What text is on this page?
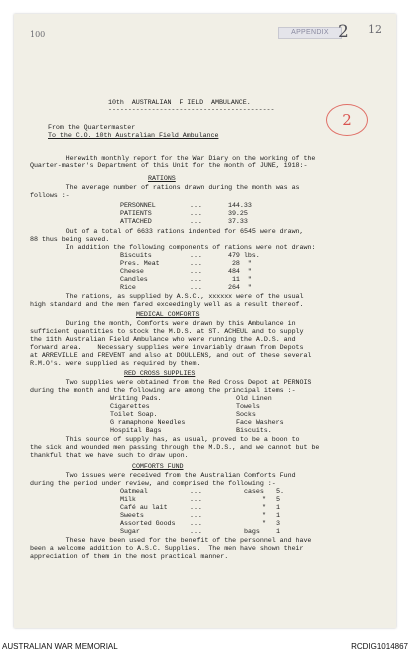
100	APPENDIX 2 12
2
10th  AUSTRALIAN  F IELD  AMBULANCE.
------------------------------------------
From the Quartermaster
To the C.O. 10th Australian Field Ambulance
Herewith monthly report for the War Diary on the working of the
Quarter-master's Department of this Unit for the month of JUNE, 1918:-
RATIONS
The average number of rations drawn during the month was as
follows :-
PERSONNEL	...	144.33
PATIENTS	...	39.25
ATTACHED	...	37.33
Out of a total of 6633 rations indented for 6545 were drawn,
88 thus being saved.
In addition the following components of rations were not drawn:
Biscuits	...	479 lbs.
Pres. Meat	...	28  "
Cheese	...	484  "
Candles	...	11  "
Rice	...	264  "
The rations, as supplied by A.S.C., xxxxxx were of the usual
high standard and the men fared exceedingly well as a result thereof.
MEDICAL COMFORTS
During the month, Comforts were drawn by this Ambulance in
sufficient quantities to stock the M.D.S. at ST. ACHEUL and to supply
the 11th Australian Field Ambulance who were running the A.D.S. and
forward area.    Necessary supplies were invariably drawn from Depots
at ARREVILLE and FREVENT and also at DOULLENS, and out of these several
R.M.O's. were supplied as required by them.
RED CROSS SUPPLIES
Two supplies were obtained from the Red Cross Depot at PERNOIS
during the month and the following are among the principal items :-
Writing Pads.	Old Linen
Cigarettes	Towels
Toilet Soap.	Socks
G ramaphone Needles	Face Washers
Hospital Bags	Biscuits.
This source of supply has, as usual, proved to be a boon to
the sick and wounded men passing through the M.D.S., and we cannot but be
thankful that we have such to draw upon.
COMFORTS FUND
Two issues were received from the Australian Comforts Fund
during the period under review, and comprised the following :-
Oatmeal	...	cases 5.
Milk	...	" 5
Café au lait	...	" 1
Sweets	...	" 1
Assorted Goods ...	" 3
Sugar	...	bags 1
These have been used for the benefit of the personnel and have
been a welcome addition to A.S.C. Supplies.  The men have shown their
appreciation of them in the most practical manner.
AUSTRALIAN WAR MEMORIAL	RCDIG1014867
